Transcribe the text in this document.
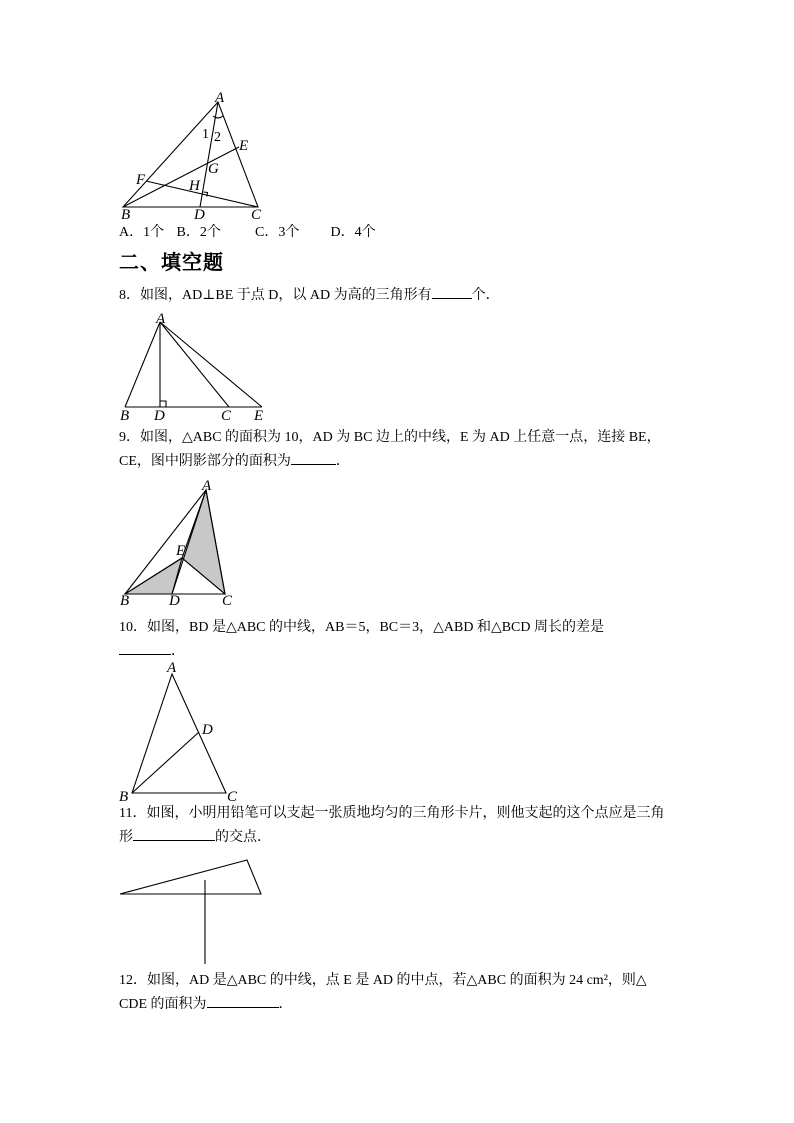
A
B	C
D
E
F
G
H
1 2
A．1个 B．2个 C．3个 D．4个
二、填空题
8．如图，AD⊥BE 于点 D，以 AD 为高的三角形有	个．
A
B D	C E
9．如图，△ABC 的面积为 10，AD 为 BC 边上的中线，E 为 AD 上任意一点，连接 BE，
CE，图中阴影部分的面积为	．
A
B	D	C
E
10．如图，BD 是△ABC 的中线，AB＝5，BC＝3，△ABD 和△BCD 周长的差是
．
A
B	C
D
11．如图，小明用铅笔可以支起一张质地均匀的三角形卡片，则他支起的这个点应是三角
形	的交点．
12．如图，AD 是△ABC 的中线，点 E 是 AD 的中点，若△ABC 的面积为 24 cm²，则△
CDE 的面积为	．
